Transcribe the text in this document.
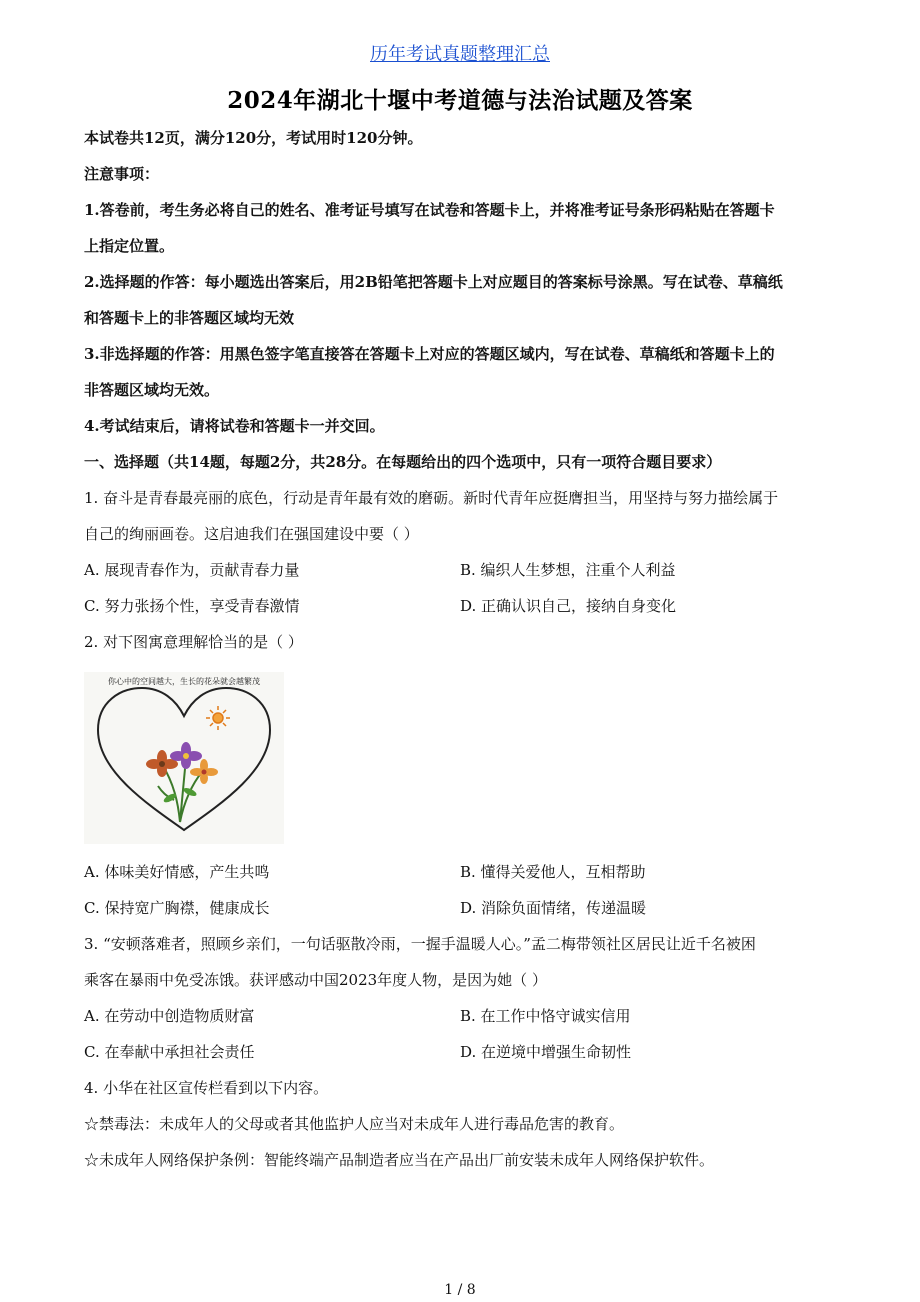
历年考试真题整理汇总
2024年湖北十堰中考道德与法治试题及答案
本试卷共12页，满分120分，考试用时120分钟。
注意事项：
1.答卷前，考生务必将自己的姓名、准考证号填写在试卷和答题卡上，并将准考证号条形码粘贴在答题卡
上指定位置。
2.选择题的作答：每小题选出答案后，用2B铅笔把答题卡上对应题目的答案标号涂黑。写在试卷、草稿纸
和答题卡上的非答题区域均无效
3.非选择题的作答：用黑色签字笔直接答在答题卡上对应的答题区域内，写在试卷、草稿纸和答题卡上的
非答题区域均无效。
4.考试结束后，请将试卷和答题卡一并交回。
一、选择题（共14题，每题2分，共28分。在每题给出的四个选项中，只有一项符合题目要求）
1. 奋斗是青春最亮丽的底色，行动是青年最有效的磨砺。新时代青年应挺膺担当，用坚持与努力描绘属于
自己的绚丽画卷。这启迪我们在强国建设中要（ ）
A. 展现青春作为，贡献青春力量	B. 编织人生梦想，注重个人利益
C. 努力张扬个性，享受青春激情	D. 正确认识自己，接纳自身变化
2. 对下图寓意理解恰当的是（ ）
你心中的空间越大，生长的花朵就会越繁茂
A. 体味美好情感，产生共鸣	B. 懂得关爱他人，互相帮助
C. 保持宽广胸襟，健康成长	D. 消除负面情绪，传递温暖
3. “安顿落难者，照顾乡亲们，一句话驱散冷雨，一握手温暖人心。”孟二梅带领社区居民让近千名被困
乘客在暴雨中免受冻饿。获评感动中国2023年度人物，是因为她（ ）
A. 在劳动中创造物质财富	B. 在工作中恪守诚实信用
C. 在奉献中承担社会责任	D. 在逆境中增强生命韧性
4. 小华在社区宣传栏看到以下内容。
☆禁毒法：未成年人的父母或者其他监护人应当对未成年人进行毒品危害的教育。
☆未成年人网络保护条例：智能终端产品制造者应当在产品出厂前安装未成年人网络保护软件。
1 / 8
